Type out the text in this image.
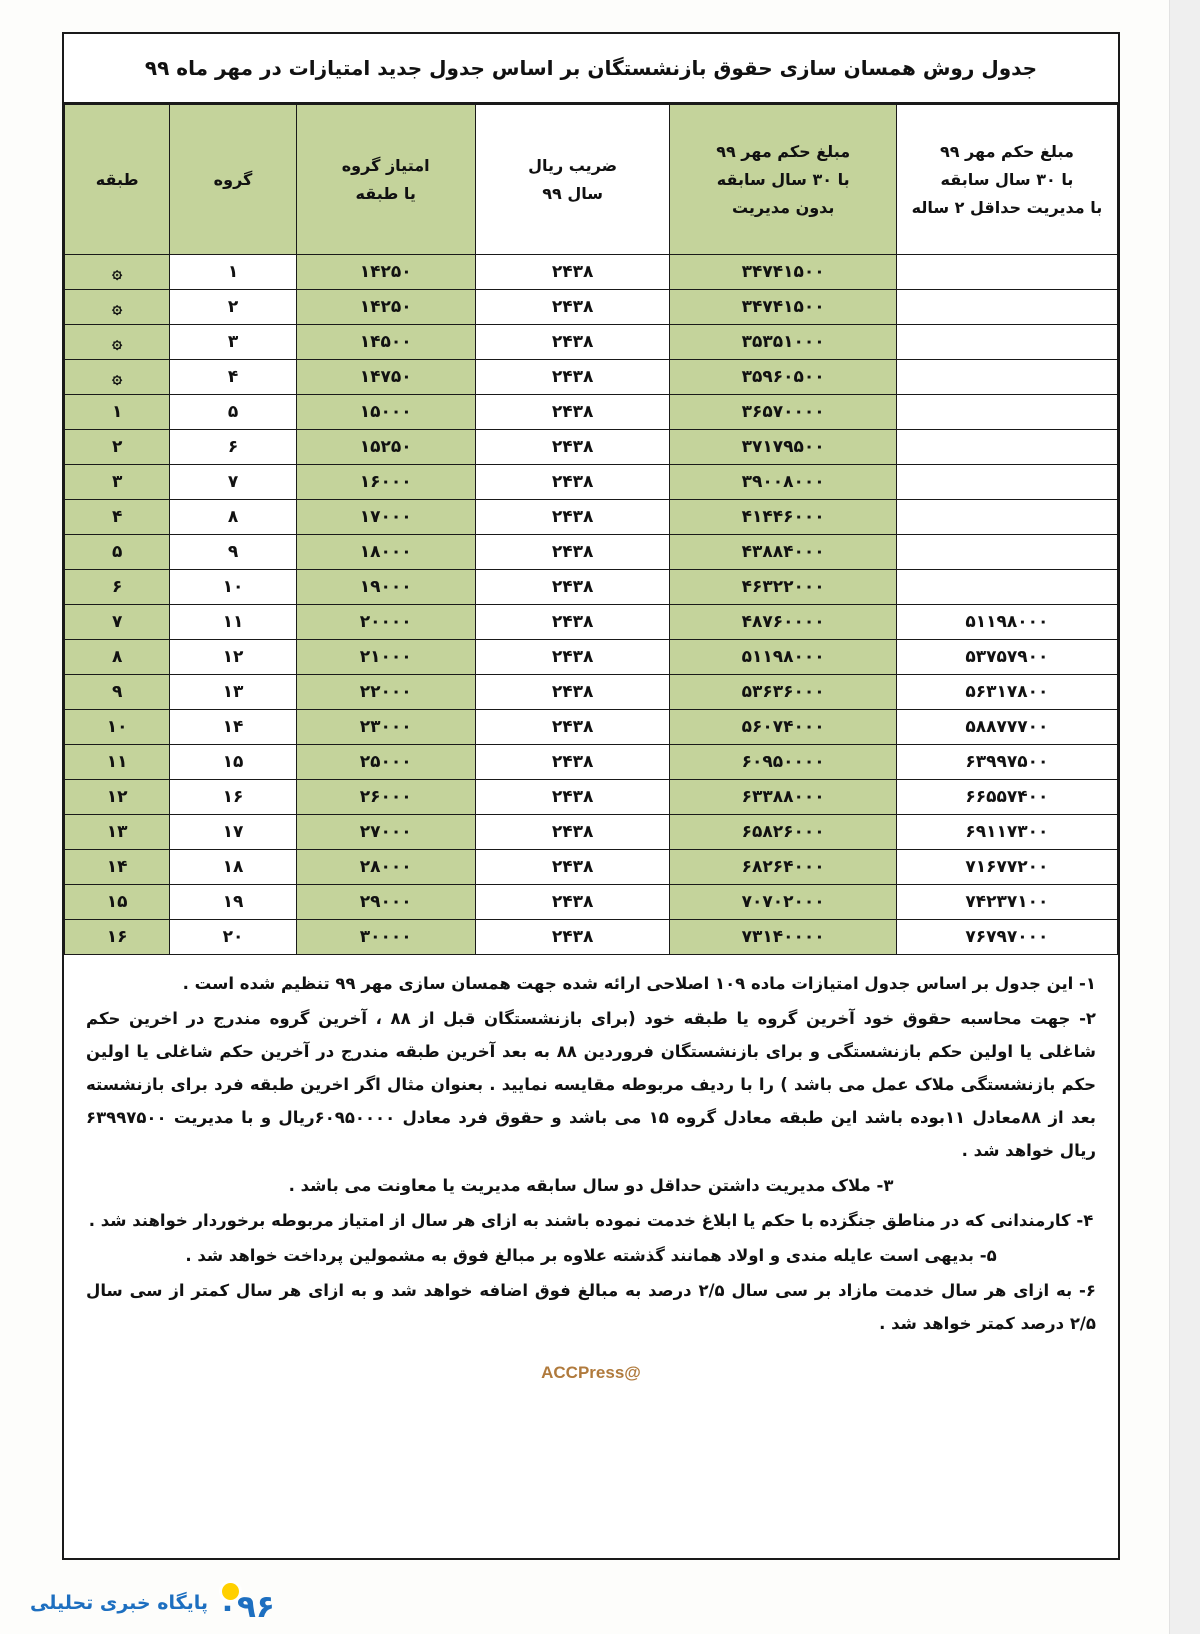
جدول روش همسان سازی حقوق بازنشستگان بر اساس جدول جدید امتیازات در مهر ماه ۹۹
مبلغ حکم مهر ۹۹
با ۳۰ سال سابقه
با مدیریت حداقل ۲ ساله

مبلغ حکم مهر ۹۹
با ۳۰ سال سابقه
بدون مدیریت

ضریب ریال
سال ۹۹

امتیاز گروه
یا طبقه

گروه

طبقه

	۳۴۷۴۱۵۰۰	۲۴۳۸	۱۴۲۵۰	۱	۞
	۳۴۷۴۱۵۰۰	۲۴۳۸	۱۴۲۵۰	۲	۞
	۳۵۳۵۱۰۰۰	۲۴۳۸	۱۴۵۰۰	۳	۞
	۳۵۹۶۰۵۰۰	۲۴۳۸	۱۴۷۵۰	۴	۞
	۳۶۵۷۰۰۰۰	۲۴۳۸	۱۵۰۰۰	۵	۱
	۳۷۱۷۹۵۰۰	۲۴۳۸	۱۵۲۵۰	۶	۲
	۳۹۰۰۸۰۰۰	۲۴۳۸	۱۶۰۰۰	۷	۳
	۴۱۴۴۶۰۰۰	۲۴۳۸	۱۷۰۰۰	۸	۴
	۴۳۸۸۴۰۰۰	۲۴۳۸	۱۸۰۰۰	۹	۵
	۴۶۳۲۲۰۰۰	۲۴۳۸	۱۹۰۰۰	۱۰	۶
۵۱۱۹۸۰۰۰	۴۸۷۶۰۰۰۰	۲۴۳۸	۲۰۰۰۰	۱۱	۷
۵۳۷۵۷۹۰۰	۵۱۱۹۸۰۰۰	۲۴۳۸	۲۱۰۰۰	۱۲	۸
۵۶۳۱۷۸۰۰	۵۳۶۳۶۰۰۰	۲۴۳۸	۲۲۰۰۰	۱۳	۹
۵۸۸۷۷۷۰۰	۵۶۰۷۴۰۰۰	۲۴۳۸	۲۳۰۰۰	۱۴	۱۰
۶۳۹۹۷۵۰۰	۶۰۹۵۰۰۰۰	۲۴۳۸	۲۵۰۰۰	۱۵	۱۱
۶۶۵۵۷۴۰۰	۶۳۳۸۸۰۰۰	۲۴۳۸	۲۶۰۰۰	۱۶	۱۲
۶۹۱۱۷۳۰۰	۶۵۸۲۶۰۰۰	۲۴۳۸	۲۷۰۰۰	۱۷	۱۳
۷۱۶۷۷۲۰۰	۶۸۲۶۴۰۰۰	۲۴۳۸	۲۸۰۰۰	۱۸	۱۴
۷۴۲۳۷۱۰۰	۷۰۷۰۲۰۰۰	۲۴۳۸	۲۹۰۰۰	۱۹	۱۵
۷۶۷۹۷۰۰۰	۷۳۱۴۰۰۰۰	۲۴۳۸	۳۰۰۰۰	۲۰	۱۶

۱- این جدول بر اساس جدول امتیازات ماده ۱۰۹ اصلاحی ارائه شده جهت همسان سازی مهر ۹۹ تنظیم شده است .

۲- جهت محاسبه حقوق خود آخرین گروه یا طبقه خود (برای بازنشستگان قبل از ۸۸ ، آخرین گروه مندرج در اخرین حکم شاغلی یا اولین حکم بازنشستگی و برای بازنشستگان فروردین ۸۸ به بعد آخرین طبقه مندرج در آخرین حکم شاغلی یا اولین حکم بازنشستگی ملاک عمل می باشد ) را با ردیف مربوطه مقایسه نمایید . بعنوان مثال اگر اخرین طبقه فرد برای بازنشسته بعد از ۸۸معادل ۱۱بوده باشد این طبقه معادل گروه ۱۵ می باشد و حقوق فرد معادل ۶۰۹۵۰۰۰۰ریال و با مدیریت ۶۳۹۹۷۵۰۰ ریال خواهد شد .

۳- ملاک مدیریت داشتن حداقل دو سال سابقه مدیریت یا معاونت می باشد .

۴- کارمندانی که در مناطق جنگزده با حکم یا ابلاغ خدمت نموده باشند به ازای هر سال از امتیاز مربوطه برخوردار خواهند شد .

۵- بدیهی است عایله مندی و اولاد همانند گذشته علاوه بر مبالغ فوق به مشمولین پرداخت خواهد شد .

۶- به ازای هر سال خدمت مازاد بر سی سال ۲/۵ درصد به مبالغ فوق اضافه خواهد شد و به ازای هر سال کمتر از سی سال ۲/۵ درصد کمتر خواهد شد .

@ACCPress
پایگاه خبری تحلیلی ۰۹۶
